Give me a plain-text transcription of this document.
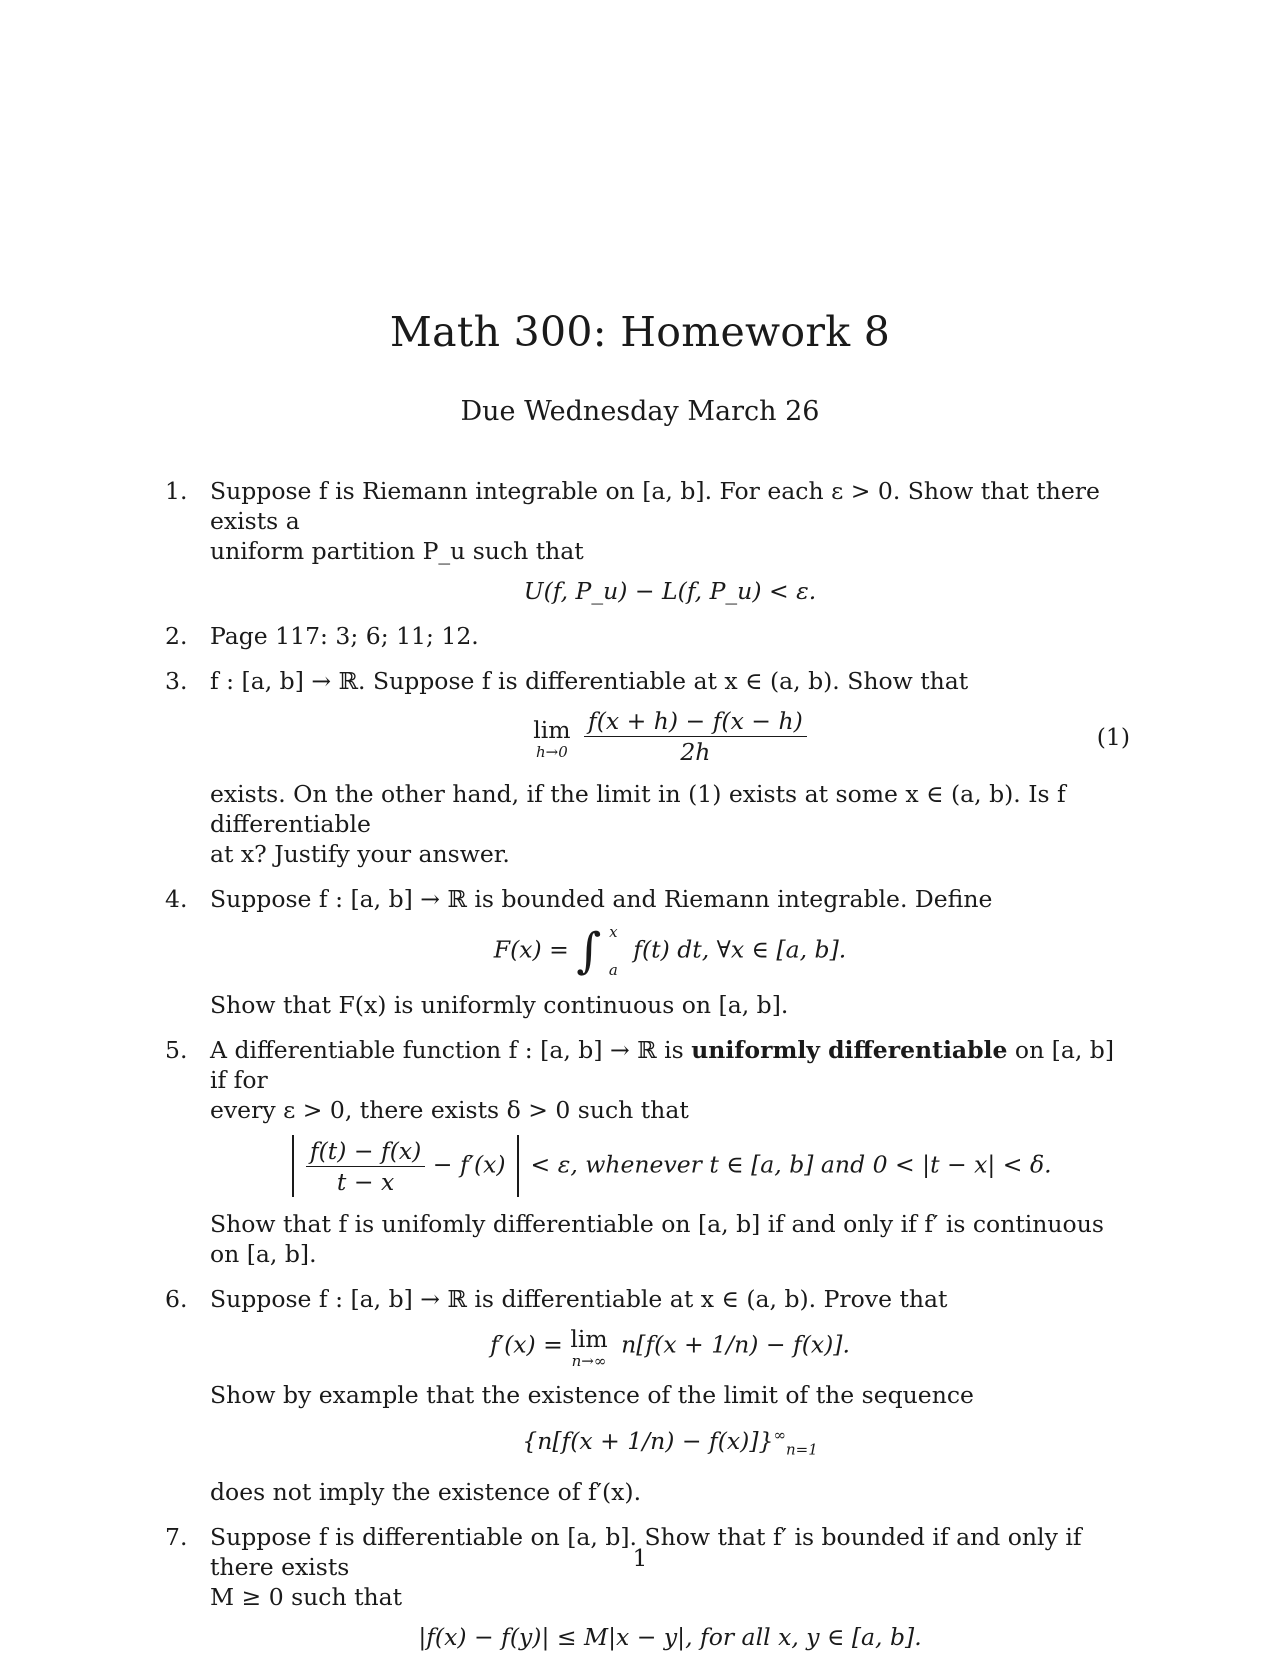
Math 300: Homework 8
Due Wednesday March 26
1. Suppose f is Riemann integrable on [a, b]. For each ε > 0. Show that there exists a
uniform partition P_u such that
U(f, P_u) − L(f, P_u) < ε.
2. Page 117: 3; 6; 11; 12.
3. f : [a, b] → ℝ. Suppose f is differentiable at x ∈ (a, b). Show that
lim
h→0
$\frac{f(x + h) - f(x - h)}{2h}$	(1)
exists. On the other hand, if the limit in (1) exists at some x ∈ (a, b). Is f differentiable
at x? Justify your answer.
4. Suppose f : [a, b] → ℝ is bounded and Riemann integrable. Define
F(x) = ∫ x
a
f(t) dt, ∀x ∈ [a, b].
Show that F(x) is uniformly continuous on [a, b].
5. A differentiable function f : [a, b] → ℝ is uniformly differentiable on [a, b] if for
every ε > 0, there exists δ > 0 such that

$\frac{f(t) - f(x)}{t - x} - f'(x) < \varepsilon$, whenever t ∈ [a, b] and 0 < |t − x| < δ.
Show that f is unifomly differentiable on [a, b] if and only if f′ is continuous on [a, b].
6. Suppose f : [a, b] → ℝ is differentiable at x ∈ (a, b). Prove that
f′(x) = lim
n→∞
n[f(x + 1/n) − f(x)].
Show by example that the existence of the limit of the sequence
$\{n[f(x + 1/n) - f(x)]\}^\infty_{n=1}$
does not imply the existence of f′(x).
7. Suppose f is differentiable on [a, b]. Show that f′ is bounded if and only if there exists
M ≥ 0 such that
|f(x) − f(y)| ≤ M|x − y|, for all x, y ∈ [a, b].
1
